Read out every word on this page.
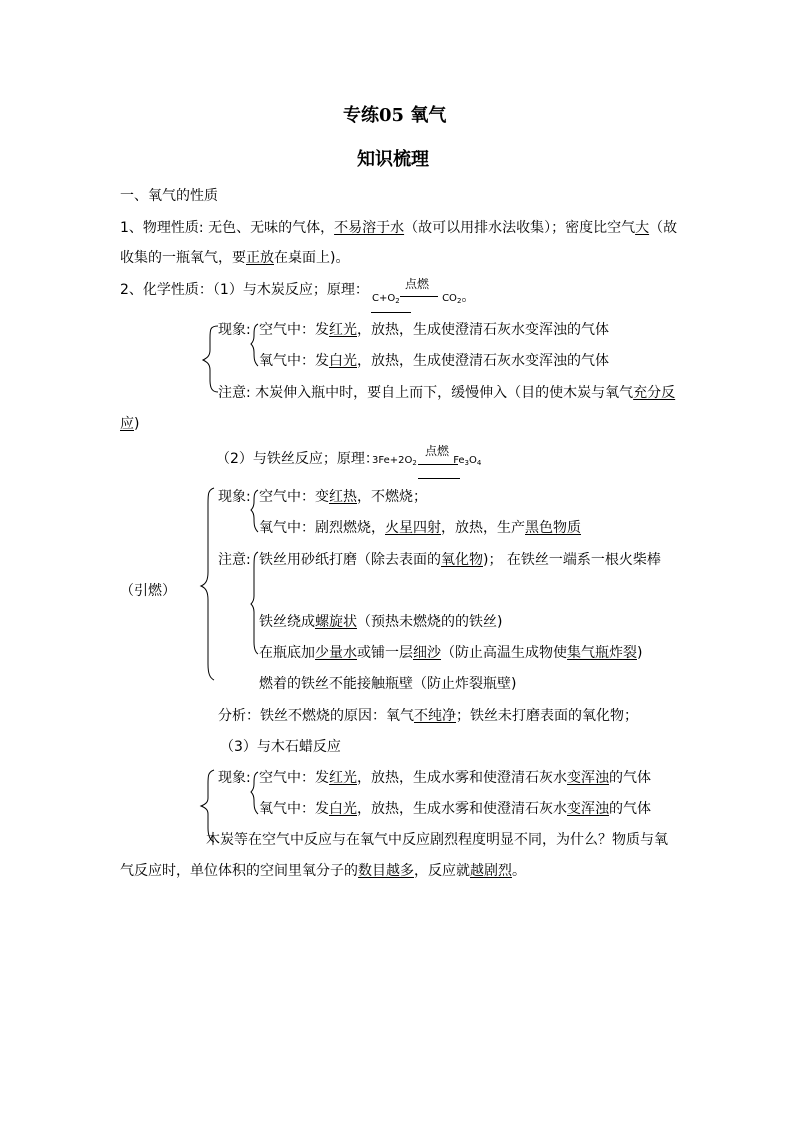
专练05 氧气
知识梳理
一、氧气的性质
1、物理性质: 无色、无味的气体，不易溶于水（故可以用排水法收集）；密度比空气大（故
收集的一瓶氧气，要正放在桌面上)。
2、化学性质：（1）与木炭反应；原理：
$C+O_2$	$CO_2$。
点燃
现象: 空气中：发红光，放热，生成使澄清石灰水变浑浊的气体
氧气中：发白光，放热，生成使澄清石灰水变浑浊的气体
注意: 木炭伸入瓶中时，要自上而下，缓慢伸入（目的使木炭与氧气充分反
应)
（2）与铁丝反应；原理：
$3Fe+2O_2$	$Fe_3O_4$
点燃
现象: 空气中：变红热，不燃烧；
氧气中：剧烈燃烧，火星四射，放热，生产黑色物质
注意: 铁丝用砂纸打磨（除去表面的氧化物)； 在铁丝一端系一根火柴棒
（引燃）
铁丝绕成螺旋状（预热未燃烧的的铁丝)
在瓶底加少量水或铺一层细沙（防止高温生成物使集气瓶炸裂)
燃着的铁丝不能接触瓶壁（防止炸裂瓶壁)
分析：铁丝不燃烧的原因：氧气不纯净；铁丝未打磨表面的氧化物；
（3）与木石蜡反应
现象: 空气中：发红光，放热，生成水雾和使澄清石灰水变浑浊的气体
氧气中：发白光，放热，生成水雾和使澄清石灰水变浑浊的气体
木炭等在空气中反应与在氧气中反应剧烈程度明显不同，为什么？物质与氧
气反应时，单位体积的空间里氧分子的数目越多，反应就越剧烈。
